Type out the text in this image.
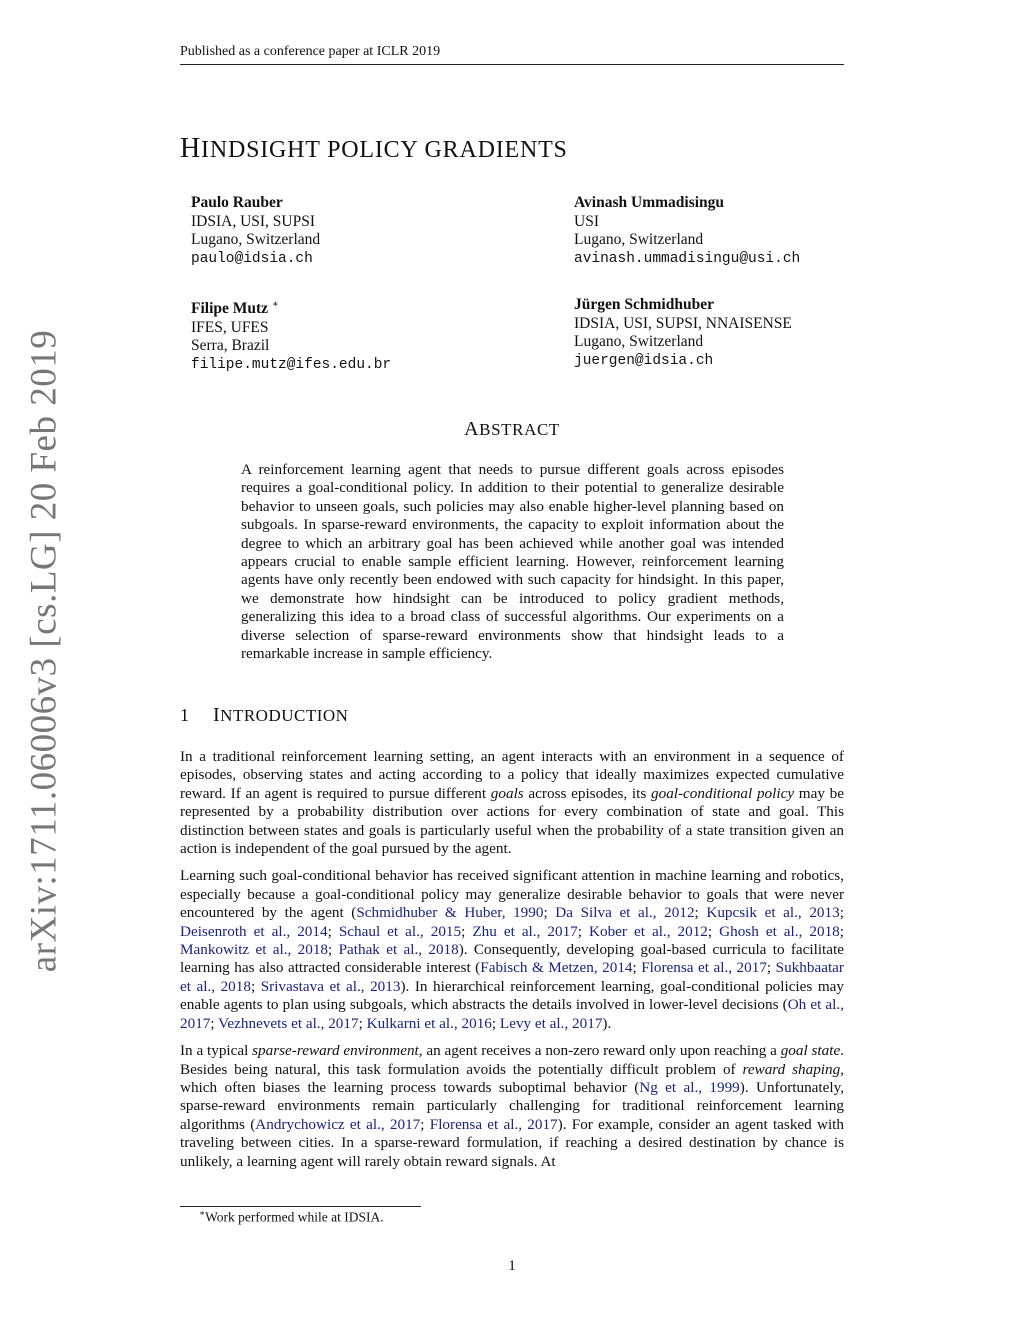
Published as a conference paper at ICLR 2019
arXiv:1711.06006v3 [cs.LG] 20 Feb 2019
HINDSIGHT POLICY GRADIENTS
Paulo Rauber
IDSIA, USI, SUPSI
Lugano, Switzerland
paulo@idsia.ch
Avinash Ummadisingu
USI
Lugano, Switzerland
avinash.ummadisingu@usi.ch
Filipe Mutz ∗
IFES, UFES
Serra, Brazil
filipe.mutz@ifes.edu.br
Jürgen Schmidhuber
IDSIA, USI, SUPSI, NNAISENSE
Lugano, Switzerland
juergen@idsia.ch
ABSTRACT
A reinforcement learning agent that needs to pursue different goals across episodes requires a goal-conditional policy. In addition to their potential to generalize desirable behavior to unseen goals, such policies may also enable higher-level planning based on subgoals. In sparse-reward environments, the capacity to exploit information about the degree to which an arbitrary goal has been achieved while another goal was intended appears crucial to enable sample efficient learning. However, reinforcement learning agents have only recently been endowed with such capacity for hindsight. In this paper, we demonstrate how hindsight can be introduced to policy gradient methods, generalizing this idea to a broad class of successful algorithms. Our experiments on a diverse selection of sparse-reward environments show that hindsight leads to a remarkable increase in sample efficiency.
1 INTRODUCTION

In a traditional reinforcement learning setting, an agent interacts with an environment in a sequence of episodes, observing states and acting according to a policy that ideally maximizes expected cumulative reward. If an agent is required to pursue different goals across episodes, its goal-conditional policy may be represented by a probability distribution over actions for every combination of state and goal. This distinction between states and goals is particularly useful when the probability of a state transition given an action is independent of the goal pursued by the agent.

Learning such goal-conditional behavior has received significant attention in machine learning and robotics, especially because a goal-conditional policy may generalize desirable behavior to goals that were never encountered by the agent (Schmidhuber & Huber, 1990; Da Silva et al., 2012; Kupcsik et al., 2013; Deisenroth et al., 2014; Schaul et al., 2015; Zhu et al., 2017; Kober et al., 2012; Ghosh et al., 2018; Mankowitz et al., 2018; Pathak et al., 2018). Consequently, developing goal-based curricula to facilitate learning has also attracted considerable interest (Fabisch & Metzen, 2014; Florensa et al., 2017; Sukhbaatar et al., 2018; Srivastava et al., 2013). In hierarchical reinforcement learning, goal-conditional policies may enable agents to plan using subgoals, which abstracts the details involved in lower-level decisions (Oh et al., 2017; Vezhnevets et al., 2017; Kulkarni et al., 2016; Levy et al., 2017).

In a typical sparse-reward environment, an agent receives a non-zero reward only upon reaching a goal state. Besides being natural, this task formulation avoids the potentially difficult problem of reward shaping, which often biases the learning process towards suboptimal behavior (Ng et al., 1999). Unfortunately, sparse-reward environments remain particularly challenging for traditional reinforcement learning algorithms (Andrychowicz et al., 2017; Florensa et al., 2017). For example, consider an agent tasked with traveling between cities. In a sparse-reward formulation, if reaching a desired destination by chance is unlikely, a learning agent will rarely obtain reward signals. At

∗Work performed while at IDSIA.
1
